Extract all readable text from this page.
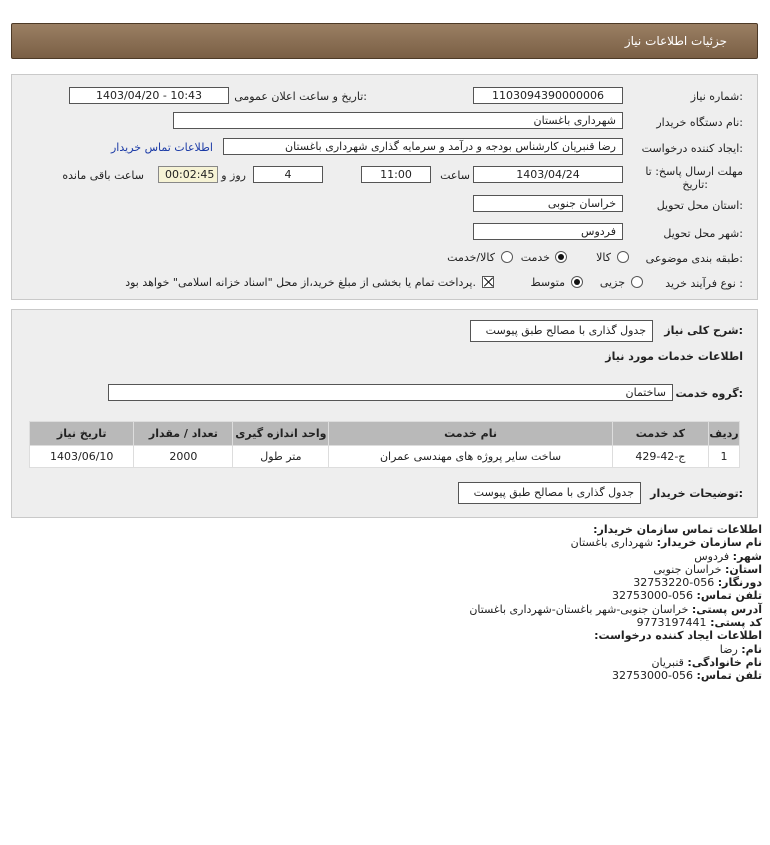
جزئیات اطلاعات نیاز
شماره نیاز:
1103094390000006
تاریخ و ساعت اعلان عمومی:
1403/04/20 - 10:43
نام دستگاه خریدار:
شهرداری باغستان
ایجاد کننده درخواست:
رضا قنبریان کارشناس بودجه و درآمد و سرمایه گذاری شهرداری باغستان
اطلاعات تماس خریدار
مهلت ارسال پاسخ: تا
تاریخ:
1403/04/24
ساعت
11:00
4
روز و
00:02:45
ساعت باقی مانده
استان محل تحویل:
خراسان جنوبی
شهر محل تحویل:
فردوس
طبقه بندی موضوعی:
کالا
خدمت
کالا/خدمت
نوع فرآیند خرید :
جزیی
متوسط
پرداخت تمام یا بخشی از مبلغ خرید،از محل "اسناد خزانه اسلامی" خواهد بود.
شرح کلی نیاز:
جدول گذاری با مصالح طبق پیوست
اطلاعات خدمات مورد نیاز
گروه خدمت:
ساختمان
ردیف	کد خدمت	نام خدمت	واحد اندازه گیری	تعداد / مقدار	تاریخ نیاز
1	ج-42-429	ساخت سایر پروژه های مهندسی عمران	متر طول	2000	1403/06/10
توضیحات خریدار:
جدول گذاری با مصالح طبق پیوست
اطلاعات تماس سازمان خریدار:
نام سازمان خریدار: شهرداری باغستان
شهر: فردوس
استان: خراسان جنوبی
دورنگار: 056-32753220
تلفن تماس: 056-32753000
آدرس پستی: خراسان جنوبی-شهر باغستان-شهرداری باغستان
کد پستی: 9773197441
اطلاعات ایجاد کننده درخواست:
نام: رضا
نام خانوادگی: قنبریان
تلفن تماس: 056-32753000
